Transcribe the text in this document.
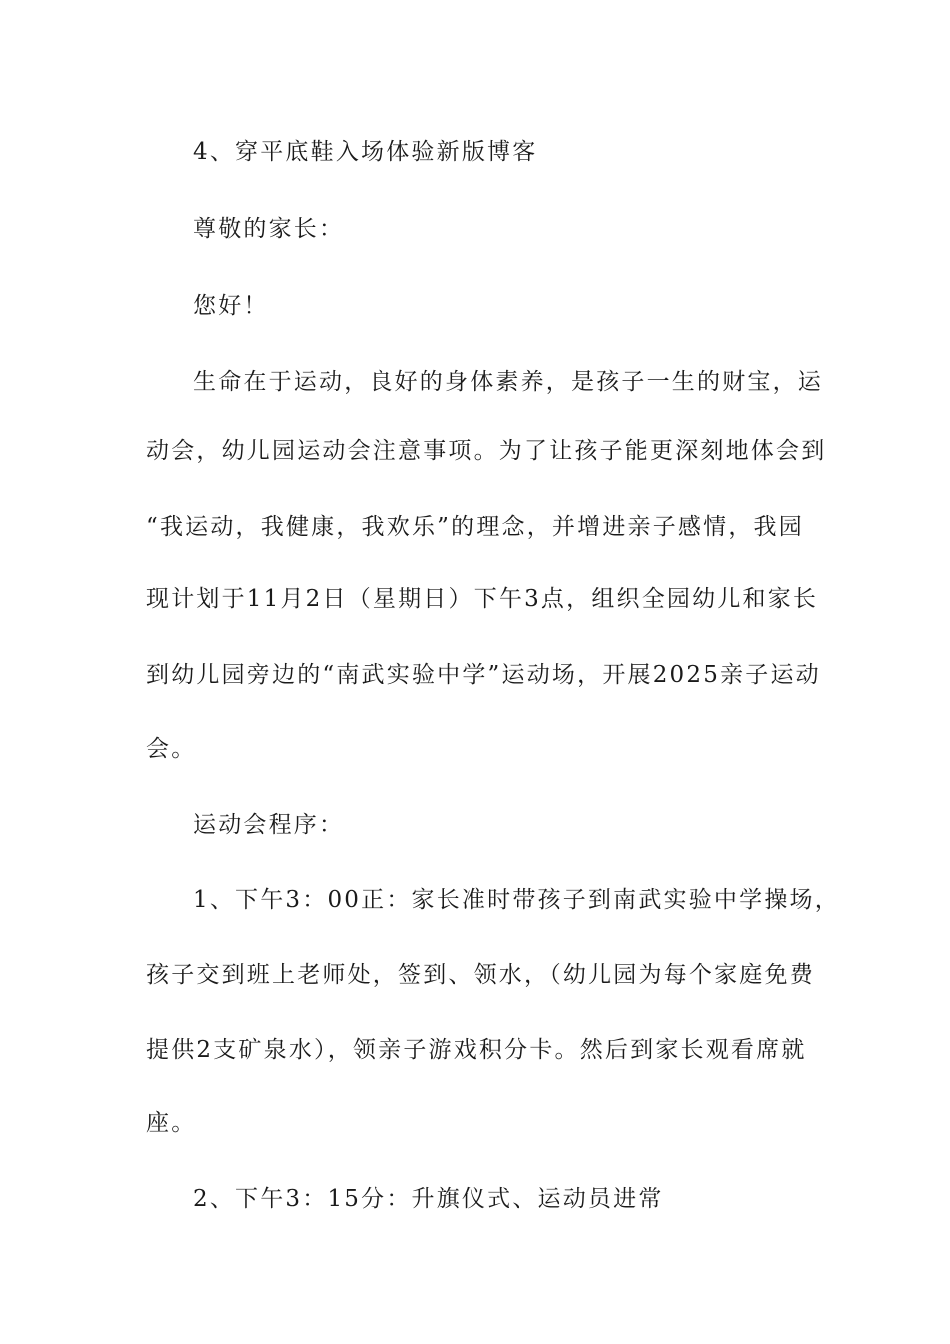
4、穿平底鞋入场体验新版博客
尊敬的家长：
您好！
生命在于运动，良好的身体素养，是孩子一生的财宝，运
动会，幼儿园运动会注意事项。为了让孩子能更深刻地体会到
“我运动，我健康，我欢乐”的理念，并增进亲子感情，我园
现计划于11月2日（星期日）下午3点，组织全园幼儿和家长
到幼儿园旁边的“南武实验中学”运动场，开展2025亲子运动
会。
运动会程序：
1、下午3：00正：家长准时带孩子到南武实验中学操场，
孩子交到班上老师处，签到、领水，（幼儿园为每个家庭免费
提供2支矿泉水），领亲子游戏积分卡。然后到家长观看席就
座。
2、下午3：15分：升旗仪式、运动员进常
